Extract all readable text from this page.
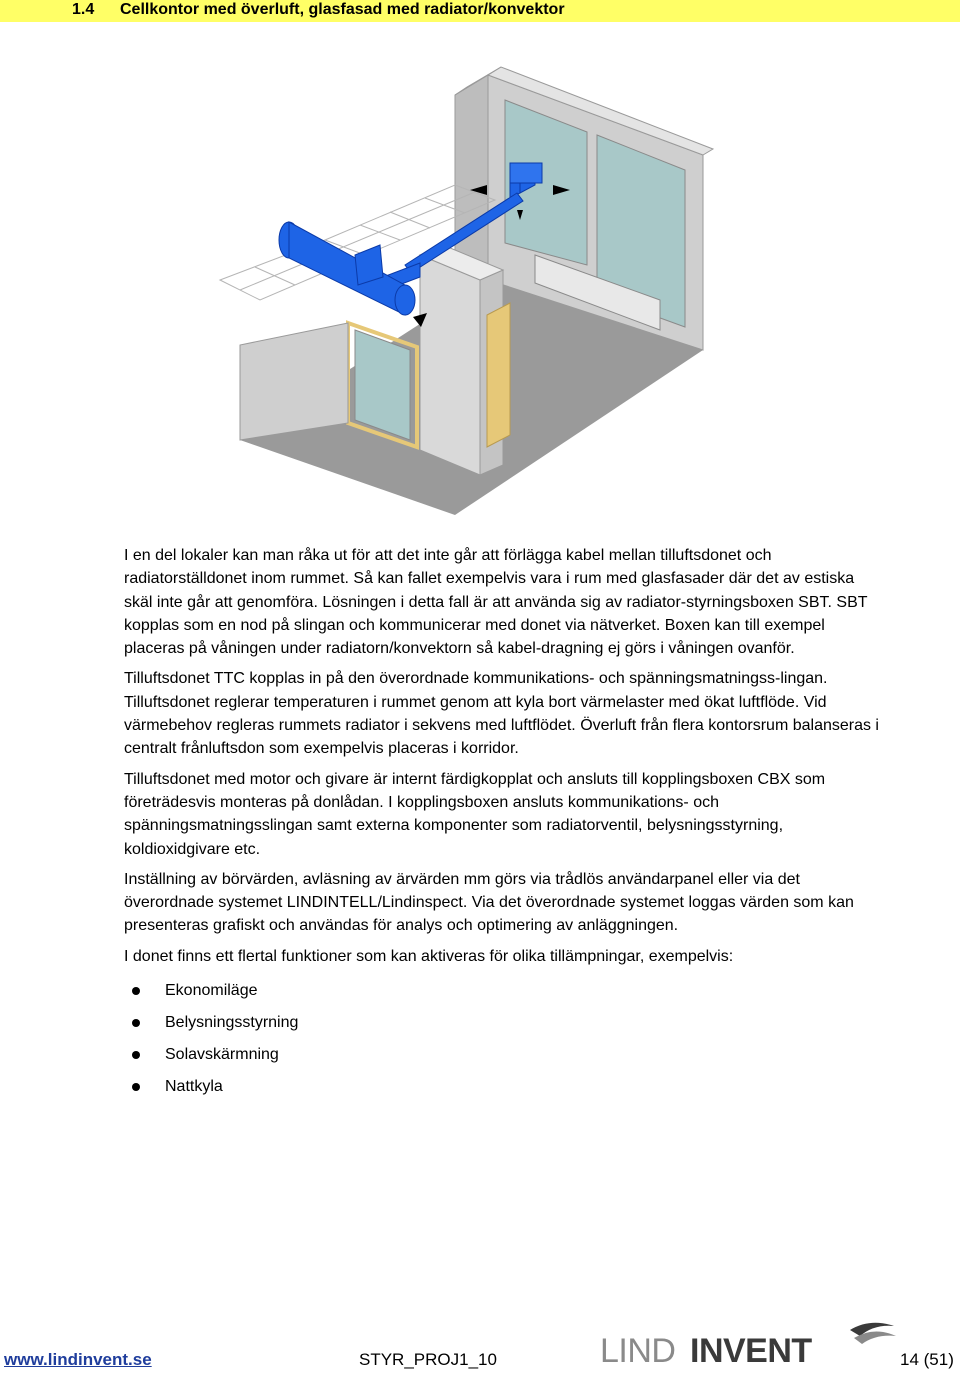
1.4 Cellkontor med överluft, glasfasad med radiator/konvektor

I en del lokaler kan man råka ut för att det inte går att förlägga kabel mellan tilluftsdonet och radiatorställdonet inom rummet. Så kan fallet exempelvis vara i rum med glasfasader där det av estiska skäl inte går att genomföra. Lösningen i detta fall är att använda sig av radiator-styrningsboxen SBT. SBT kopplas som en nod på slingan och kommunicerar med donet via nätverket. Boxen kan till exempel placeras på våningen under radiatorn/konvektorn så kabel-dragning ej görs i våningen ovanför.

Tilluftsdonet TTC kopplas in på den överordnade kommunikations- och spänningsmatningss-lingan. Tilluftsdonet reglerar temperaturen i rummet genom att kyla bort värmelaster med ökat luftflöde. Vid värmebehov regleras rummets radiator i sekvens med luftflödet. Överluft från flera kontorsrum balanseras i centralt frånluftsdon som exempelvis placeras i korridor.

Tilluftsdonet med motor och givare är internt färdigkopplat och ansluts till kopplingsboxen CBX som företrädesvis monteras på donlådan. I kopplingsboxen ansluts kommunikations- och spänningsmatningsslingan samt externa komponenter som radiatorventil, belysningsstyrning, koldioxidgivare etc.

Inställning av börvärden, avläsning av ärvärden mm görs via trådlös användarpanel eller via det överordnade systemet LINDINTELL/Lindinspect. Via det överordnade systemet loggas värden som kan presenteras grafiskt och användas för analys och optimering av anläggningen.

I donet finns ett flertal funktioner som kan aktiveras för olika tillämpningar, exempelvis:

Ekonomiläge
Belysningsstyrning
Solavskärmning
Nattkyla
www.lindinvent.se	STYR_PROJ1_10	LIND INVENT	14 (51)
